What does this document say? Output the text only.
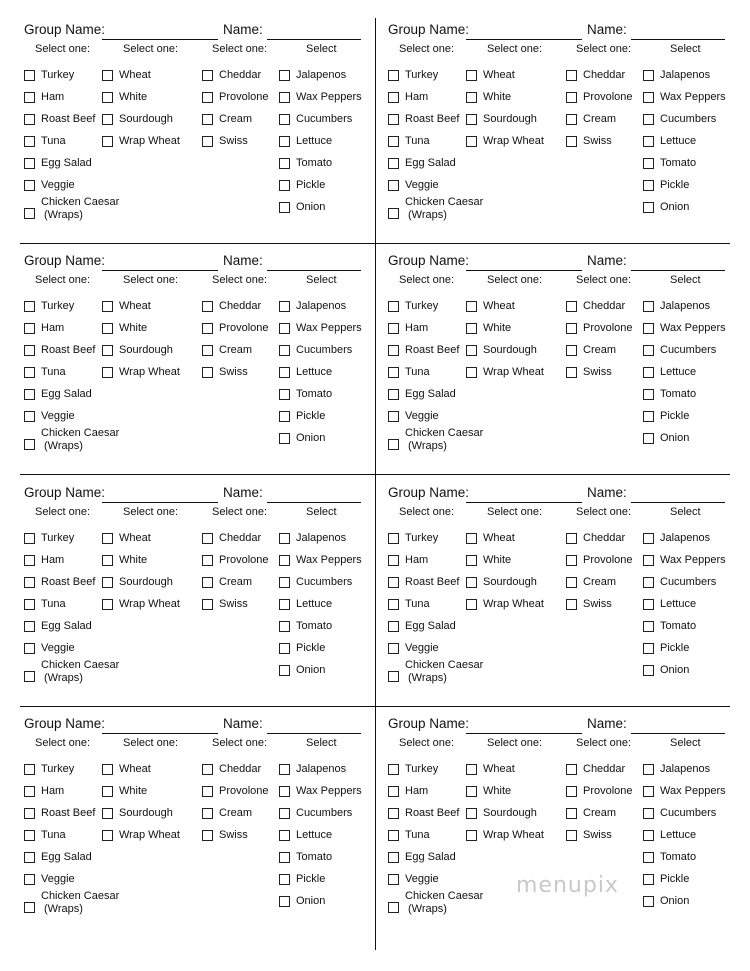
Group Name:	Name:
Select one:	Select one:	Select one:	Select
Turkey
Ham
Roast Beef
Tuna
Egg Salad
Veggie
Chicken Caesar
(Wraps)
Wheat
White
Sourdough
Wrap Wheat
Cheddar
Provolone
Cream
Swiss
Jalapenos
Wax Peppers
Cucumbers
Lettuce
Tomato
Pickle
Onion
Group Name:	Name:
Select one:	Select one:	Select one:	Select
Turkey
Ham
Roast Beef
Tuna
Egg Salad
Veggie
Chicken Caesar
(Wraps)
Wheat
White
Sourdough
Wrap Wheat
Cheddar
Provolone
Cream
Swiss
Jalapenos
Wax Peppers
Cucumbers
Lettuce
Tomato
Pickle
Onion
Group Name:	Name:
Select one:	Select one:	Select one:	Select
Turkey
Ham
Roast Beef
Tuna
Egg Salad
Veggie
Chicken Caesar
(Wraps)
Wheat
White
Sourdough
Wrap Wheat
Cheddar
Provolone
Cream
Swiss
Jalapenos
Wax Peppers
Cucumbers
Lettuce
Tomato
Pickle
Onion
Group Name:	Name:
Select one:	Select one:	Select one:	Select
Turkey
Ham
Roast Beef
Tuna
Egg Salad
Veggie
Chicken Caesar
(Wraps)
Wheat
White
Sourdough
Wrap Wheat
Cheddar
Provolone
Cream
Swiss
Jalapenos
Wax Peppers
Cucumbers
Lettuce
Tomato
Pickle
Onion
Group Name:	Name:
Select one:	Select one:	Select one:	Select
Turkey
Ham
Roast Beef
Tuna
Egg Salad
Veggie
Chicken Caesar
(Wraps)
Wheat
White
Sourdough
Wrap Wheat
Cheddar
Provolone
Cream
Swiss
Jalapenos
Wax Peppers
Cucumbers
Lettuce
Tomato
Pickle
Onion
Group Name:	Name:
Select one:	Select one:	Select one:	Select
Turkey
Ham
Roast Beef
Tuna
Egg Salad
Veggie
Chicken Caesar
(Wraps)
Wheat
White
Sourdough
Wrap Wheat
Cheddar
Provolone
Cream
Swiss
Jalapenos
Wax Peppers
Cucumbers
Lettuce
Tomato
Pickle
Onion
Group Name:	Name:
Select one:	Select one:	Select one:	Select
Turkey
Ham
Roast Beef
Tuna
Egg Salad
Veggie
Chicken Caesar
(Wraps)
Wheat
White
Sourdough
Wrap Wheat
Cheddar
Provolone
Cream
Swiss
Jalapenos
Wax Peppers
Cucumbers
Lettuce
Tomato
Pickle
Onion
Group Name:	Name:
Select one:	Select one:	Select one:	Select
Turkey
Ham
Roast Beef
Tuna
Egg Salad
Veggie
Chicken Caesar
(Wraps)
Wheat
White
Sourdough
Wrap Wheat
Cheddar
Provolone
Cream
Swiss
Jalapenos
Wax Peppers
Cucumbers
Lettuce
Tomato
Pickle
Onion
menupix
